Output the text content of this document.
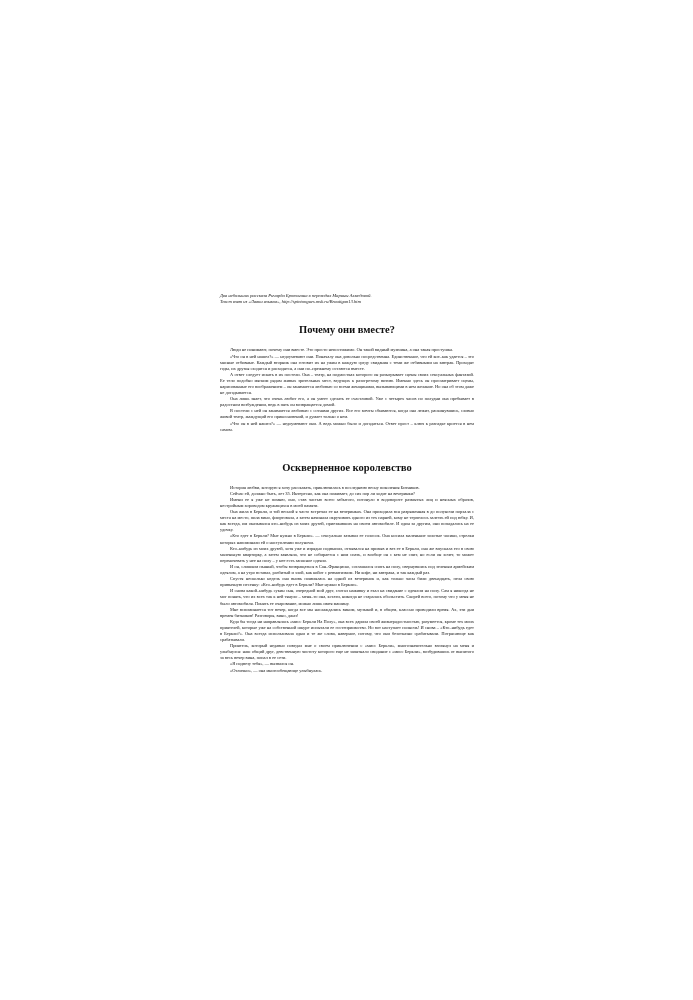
Два небольших рассказа Ричарда Бротигана в переводах Марины Ахмедовой.

Текст взят из «Лавки языков», http://spintongues.msk.ru/Brautigan13.htm

Почему они вместе?

Люди не понимают, почему они вместе. Это просто непостижимо. Он такой видный мужчина, а она такая простушка.

«Что он в ней нашел?» — недоумевают они. Поначалу она довольно посредственна. Единственное, что ей кое–как удается – это мясные отбивные. Каждый вторник она готовит их на ужин в каждую среду свидания с теми же отбивными на завтрак. Проходят годы, их друзья сходятся и расходятся, а они по–прежнему остаются вместе.

А ответ следует искать в их постели. Она – театр, на подмостках которого он разыгрывает сцены своих сексуальных фантазий. Ее тело подобно мягким рядам живых зрительных мест, ведущих к разогретому витию. Именно здесь он просматривает сцены, нарисованные его воображением – он занимается любовью со всеми женщинами, вызывающими в нем желание. Но она об этом даже не догадывается.

Она лишь знает, что очень любит его, а он умеет сделать ее счастливой. Уже с четырех часов по полудни она пребывает в радостном возбуждении, ведь в пять он возвращается домой.

В постели с ней он занимается любовью с сотнями других. Все его мечты сбываются, когда она лежит, раскинувшись, словно живой театр, жаждущий его прикосновений, и думает только о нем.

«Что он в ней нашел?» — недоумевают они. А ведь можно было и догадаться. Ответ прост – ключ к разгадке кроется в нем самом.

Оскверненное королевство

История любви, которую я хочу рассказать, приключилась в последнюю весну поколения Битников.

Сейчас ей, должно быть, лет 35. Интересно, как она поживает, до сих пор ли ходит на вечеринки?

Имени ее я уже не помню, оно, став частью всего забытого, потонуло в водовороте размытых лиц и неясных образов, нестройным хороводом кружащихся в моей памяти.

Она жила в Беркли, и той весной я часто встречал ее на вечеринках. Она приходила вся разряженная в до полуночи порхала с места на место, пила вино, флиртовала, а затем начинала окручивать одного из тех парней, кому не терпелось залезть ей под юбку. И, как всегда, им оказывался кто–нибудь из моих друзей, приезжавших на своем автомобиле. И один за другим, они попадались на ее удочку.

«Кто едет в Беркли? Мне нужно в Беркли». — сексуально зазывал ее голосок. Она носила маленькие золотые часики, стрелки которых напоминали ей о наступлении полуночи.

Кто–нибудь из моих друзей, хотя уже и изрядно подвыпил, отзывался на призыв и вез ее в Беркли, она же впускала его в свою маленькую квартирку, а затем заявляла, что не собирается с ним спать, и вообще он с кем не спит, но если он хочет, то может переночевать у нее на полу – у нее есть запасное одеяло.

И он, слишком пьяный, чтобы возвращаться в Сан–Франциско, соглашался спать на полу, свернувшись под зеленым армейским одеялом, а на утро вставал, разбитый и злой, как койот с ревматизмом. Ни кофе, ни завтрака, и так каждый раз.

Спустя несколько недель она вновь появлялась на одной из вечеринок и, как только часы били двенадцать, пела свою привычную песенку: «Кто–нибудь едет в Беркли? Мне нужно в Беркли».

И снова какой–нибудь сукин сын, очередной мой друг, глотал наживку и ехал на свидание с одеялом на полу. Сам я никогда не мог понять, что их всех так к ней тянуло – меня–то она, кстати, никогда не старалась обольстить. Скорей всего, потому что у меня не было автомобиля. Понять ее очарование, можно лишь имея машину.

Мне вспоминается тот вечер, когда все мы наслаждались вином, музыкой и, в общем, классно проводили время. Ах, эти дни времен битников! Разговоры, вино, джаз!

Куда бы тогда ни направлялась «мисс Беркли На Полу», она всех дарила своей жизнерадостностью, разумеется, кроме тех моих приятелей, которые уже на собственной шкуре испытали ее гостеприимство. Но вот наступает полночь! И снова – «Кто–нибудь едет в Беркли?». Она всегда использовала одни и те же слова, наверное, потому, что они безотказно срабатывали. Потрясающе как срабатывали.

Приятель, который недавно поведал мне о своем приключении с «мисс Беркли», многозначительно взглянул на меня и улыбнулся: наш общий друг, девственную чистоту которого еще не запятнало свидание с «мисс Беркли», возбудившись от выпитого за весь вечер вина, попал в ее сети.

«Я подвезу тебя», — вызвался он.

«Отлично», — она многообещающе улыбнулась.
